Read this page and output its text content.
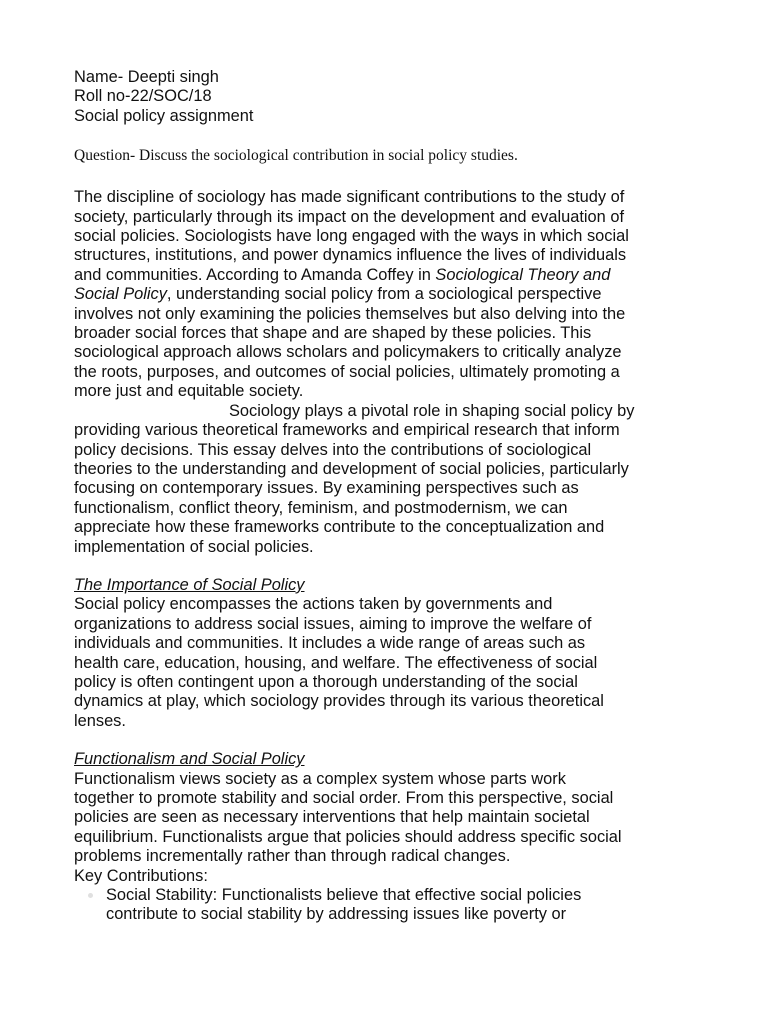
Name- Deepti singh
Roll no-22/SOC/18
Social policy assignment
Question- Discuss the sociological contribution in social policy studies.
The discipline of sociology has made significant contributions to the study of
society, particularly through its impact on the development and evaluation of
social policies. Sociologists have long engaged with the ways in which social
structures, institutions, and power dynamics influence the lives of individuals
and communities. According to Amanda Coffey in Sociological Theory and
Social Policy, understanding social policy from a sociological perspective
involves not only examining the policies themselves but also delving into the
broader social forces that shape and are shaped by these policies. This
sociological approach allows scholars and policymakers to critically analyze
the roots, purposes, and outcomes of social policies, ultimately promoting a
more just and equitable society.
Sociology plays a pivotal role in shaping social policy by
providing various theoretical frameworks and empirical research that inform
policy decisions. This essay delves into the contributions of sociological
theories to the understanding and development of social policies, particularly
focusing on contemporary issues. By examining perspectives such as
functionalism, conflict theory, feminism, and postmodernism, we can
appreciate how these frameworks contribute to the conceptualization and
implementation of social policies.
The Importance of Social Policy
Social policy encompasses the actions taken by governments and
organizations to address social issues, aiming to improve the welfare of
individuals and communities. It includes a wide range of areas such as
health care, education, housing, and welfare. The effectiveness of social
policy is often contingent upon a thorough understanding of the social
dynamics at play, which sociology provides through its various theoretical
lenses.
Functionalism and Social Policy
Functionalism views society as a complex system whose parts work
together to promote stability and social order. From this perspective, social
policies are seen as necessary interventions that help maintain societal
equilibrium. Functionalists argue that policies should address specific social
problems incrementally rather than through radical changes.
Key Contributions:
Social Stability: Functionalists believe that effective social policies
contribute to social stability by addressing issues like poverty or
